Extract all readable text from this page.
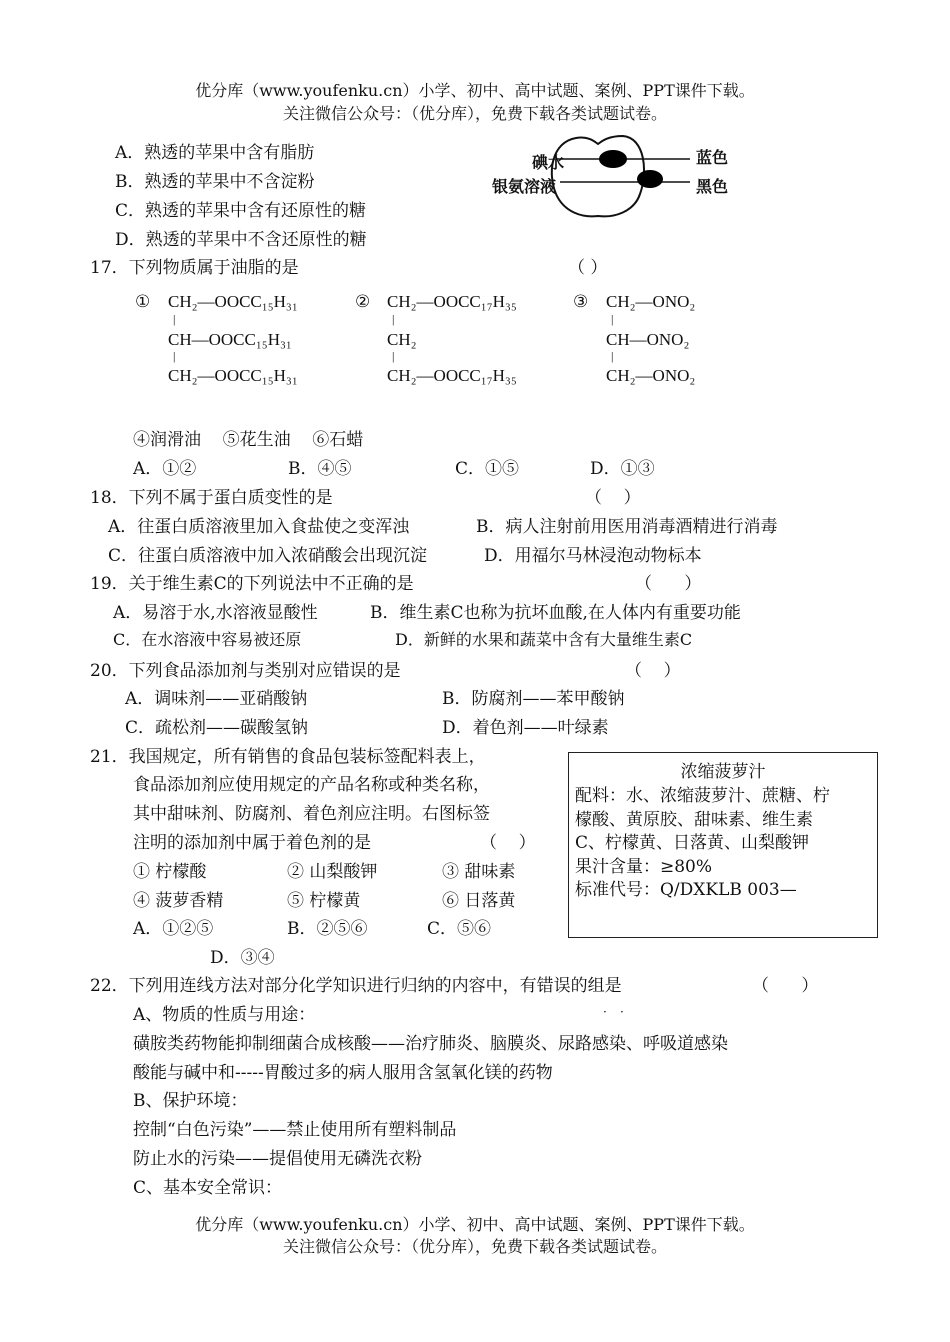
优分库（www.youfenku.cn）小学、初中、高中试题、案例、PPT课件下载。
关注微信公众号：（优分库），免费下载各类试题试卷。
A．熟透的苹果中含有脂肪
B．熟透的苹果中不含淀粉
C．熟透的苹果中含有还原性的糖
D．熟透的苹果中不含还原性的糖
碘水
银氨溶液
蓝色
黑色
17．下列物质属于油脂的是	（ ）
① CH₂—OOCC₁₅H₃₁
|
CH—OOCC₁₅H₃₁
|
CH₂—OOCC₁₅H₃₁
② CH₂—OOCC₁₇H₃₅
|
CH₂
|
CH₂—OOCC₁₇H₃₅
③ CH₂—ONO₂
|
CH—ONO₂
|
CH₂—ONO₂
④润滑油    ⑤花生油    ⑥石蜡
A．①②	B．④⑤	C．①⑤	D．①③
18．下列不属于蛋白质变性的是	（    ）
A．往蛋白质溶液里加入食盐使之变浑浊	B．病人注射前用医用消毒酒精进行消毒
C．往蛋白质溶液中加入浓硝酸会出现沉淀	D．用福尔马林浸泡动物标本
19．关于维生素C的下列说法中不正确的是	（      ）
A．易溶于水,水溶液显酸性	B．维生素C也称为抗坏血酸,在人体内有重要功能
C．在水溶液中容易被还原	D．新鲜的水果和蔬菜中含有大量维生素C
20．下列食品添加剂与类别对应错误的是	（    ）
A．调味剂——亚硝酸钠	B．防腐剂——苯甲酸钠
C．疏松剂——碳酸氢钠	D．着色剂——叶绿素
21．我国规定，所有销售的食品包装标签配料表上，
食品添加剂应使用规定的产品名称或种类名称，
其中甜味剂、防腐剂、着色剂应注明。右图标签
注明的添加剂中属于着色剂的是	（    ）
① 柠檬酸	② 山梨酸钾	③ 甜味素
④ 菠萝香精	⑤ 柠檬黄	⑥ 日落黄
A．①②⑤	B．②⑤⑥	C．⑤⑥
D．③④
浓缩菠萝汁
配料：水、浓缩菠萝汁、蔗糖、柠
檬酸、黄原胶、甜味素、维生素
C、柠檬黄、日落黄、山梨酸钾
果汁含量：≥80%
标准代号：Q/DXKLB 003—
22．下列用连线方法对部分化学知识进行归纳的内容中，有错误的组是	（      ）
· ·
A、物质的性质与用途：
磺胺类药物能抑制细菌合成核酸——治疗肺炎、脑膜炎、尿路感染、呼吸道感染
酸能与碱中和-----胃酸过多的病人服用含氢氧化镁的药物
B、保护环境：
控制“白色污染”——禁止使用所有塑料制品
防止水的污染——提倡使用无磷洗衣粉
C、基本安全常识：
优分库（www.youfenku.cn）小学、初中、高中试题、案例、PPT课件下载。
关注微信公众号：（优分库），免费下载各类试题试卷。
